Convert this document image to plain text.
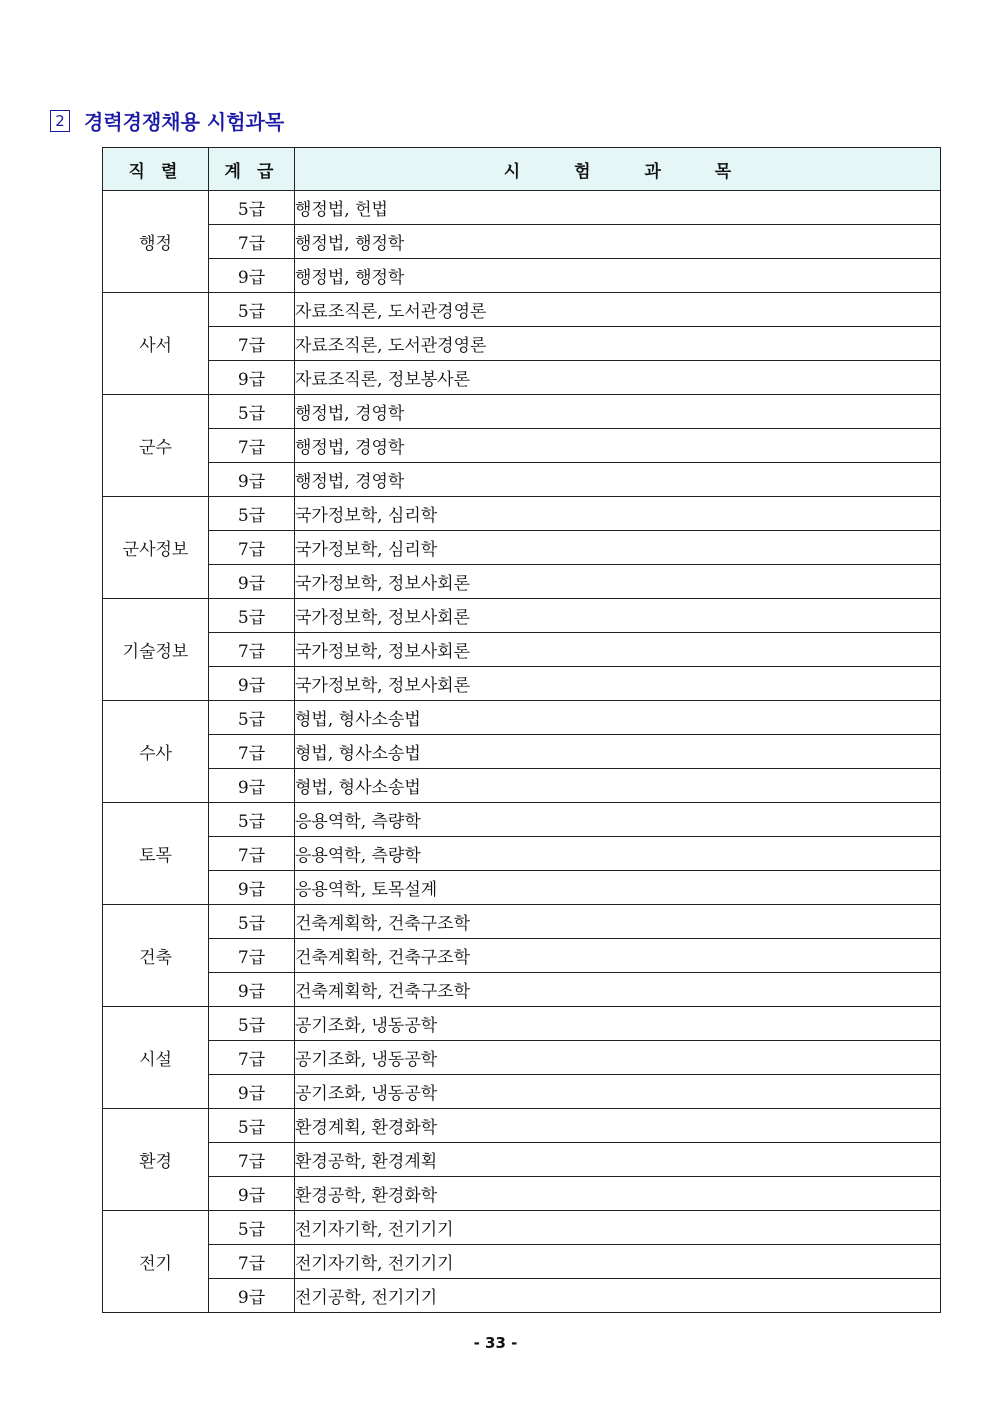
2 경력경쟁채용 시험과목
직 렬	계 급	시 험 과 목
행정	5급	행정법, 헌법
	7급	행정법, 행정학
	9급	행정법, 행정학
사서	5급	자료조직론, 도서관경영론
	7급	자료조직론, 도서관경영론
	9급	자료조직론, 정보봉사론
군수	5급	행정법, 경영학
	7급	행정법, 경영학
	9급	행정법, 경영학
군사정보	5급	국가정보학, 심리학
	7급	국가정보학, 심리학
	9급	국가정보학, 정보사회론
기술정보	5급	국가정보학, 정보사회론
	7급	국가정보학, 정보사회론
	9급	국가정보학, 정보사회론
수사	5급	형법, 형사소송법
	7급	형법, 형사소송법
	9급	형법, 형사소송법
토목	5급	응용역학, 측량학
	7급	응용역학, 측량학
	9급	응용역학, 토목설계
건축	5급	건축계획학, 건축구조학
	7급	건축계획학, 건축구조학
	9급	건축계획학, 건축구조학
시설	5급	공기조화, 냉동공학
	7급	공기조화, 냉동공학
	9급	공기조화, 냉동공학
환경	5급	환경계획, 환경화학
	7급	환경공학, 환경계획
	9급	환경공학, 환경화학
전기	5급	전기자기학, 전기기기
	7급	전기자기학, 전기기기
	9급	전기공학, 전기기기
- 33 -
